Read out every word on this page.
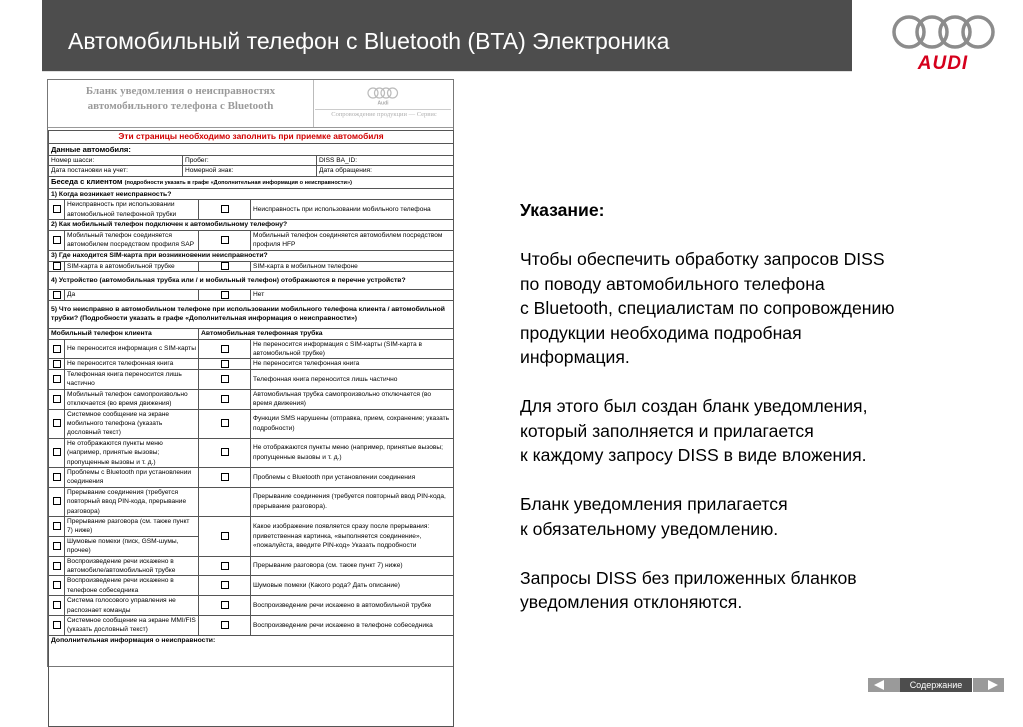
Автомобильный телефон с Bluetooth (BTA) Электроника
AUDI
Бланк уведомления о неисправностях автомобильного телефона с Bluetooth	Audi
Сопровождение продукции — Сервис
Эти страницы необходимо заполнить при приемке автомобиля					
Данные автомобиля:					
Номер шасси:		Пробег:			DISS BA_ID:
Дата постановки на учет:		Номерной знак:			Дата обращения:
Беседа с клиентом (подробности указать в графе «Дополнительная информация о неисправности»)					
1) Когда возникает неисправность?					
	Неисправность при использовании автомобильной телефонной трубки			Неисправность при использовании мобильного телефона	
2) Как мобильный телефон подключен к автомобильному телефону?					
	Мобильный телефон соединяется автомобилем посредством профиля SAP			Мобильный телефон соединяется автомобилем посредством профиля HFP	
3) Где находится SIM-карта при возникновении неисправности?					
	SIM-карта в автомобильной трубке			SIM-карта в мобильном телефоне	
4) Устройство (автомобильная трубка или / и мобильный телефон) отображаются в перечне устройств?					
	Да			Нет	
5) Что неисправно в автомобильном телефоне при использовании мобильного телефона клиента / автомобильной трубки? (Подробности указать в графе «Дополнительная информация о неисправности»)					
Мобильный телефон клиента			Автомобильная телефонная трубка		
	Не переносится информация с SIM-карты			Не переносится информация с SIM-карты (SIM-карта в автомобильной трубке)	
	Не переносится телефонная книга			Не переносится телефонная книга	
	Телефонная книга переносится лишь частично			Телефонная книга переносится лишь частично	
	Мобильный телефон самопроизвольно отключается (во время движения)			Автомобильная трубка самопроизвольно отключается (во время движения)	
	Системное сообщение на экране мобильного телефона (указать дословный текст)			Функции SMS нарушены (отправка, прием, сохранение; указать подробности)	
	Не отображаются пункты меню (например, принятые вызовы; пропущенные вызовы и т. д.)			Не отображаются пункты меню (например, принятые вызовы; пропущенные вызовы и т. д.)	
	Проблемы с Bluetooth при установлении соединения			Проблемы с Bluetooth при установлении соединения	
	Прерывание соединения (требуется повторный ввод PIN-кода, прерывание разговора)			Прерывание соединения (требуется повторный ввод PIN-кода, прерывание разговора).	
	Прерывание разговора (см. также пункт 7) ниже)			Какое изображение появляется сразу после прерывания: приветственная картинка, «выполняется соединение», «пожалуйста, введите PIN-код» Указать подробности	
	Шумовые помехи (писк, GSM-шумы, прочее)				
	Воспроизведение речи искажено в автомобиле/автомобильной трубке			Прерывание разговора (см. также пункт 7) ниже)	
	Воспроизведение речи искажено в телефоне собеседника			Шумовые помехи (Какого рода? Дать описание)	
	Система голосового управления не распознает команды			Воспроизведение речи искажено в автомобильной трубке	
	Системное сообщение на экране MMI/FIS (указать дословный текст)			Воспроизведение речи искажено в телефоне собеседника	
Дополнительная информация о неисправности:					
Указание:

Чтобы обеспечить обработку запросов DISS
по поводу автомобильного телефона
с Bluetooth, специалистам по сопровождению
продукции необходима подробная
информация.

Для этого был создан бланк уведомления,
который заполняется и прилагается
к каждому запросу DISS в виде вложения.

Бланк уведомления прилагается
к обязательному уведомлению.

Запросы DISS без приложенных бланков
уведомления отклоняются.

Содержание
